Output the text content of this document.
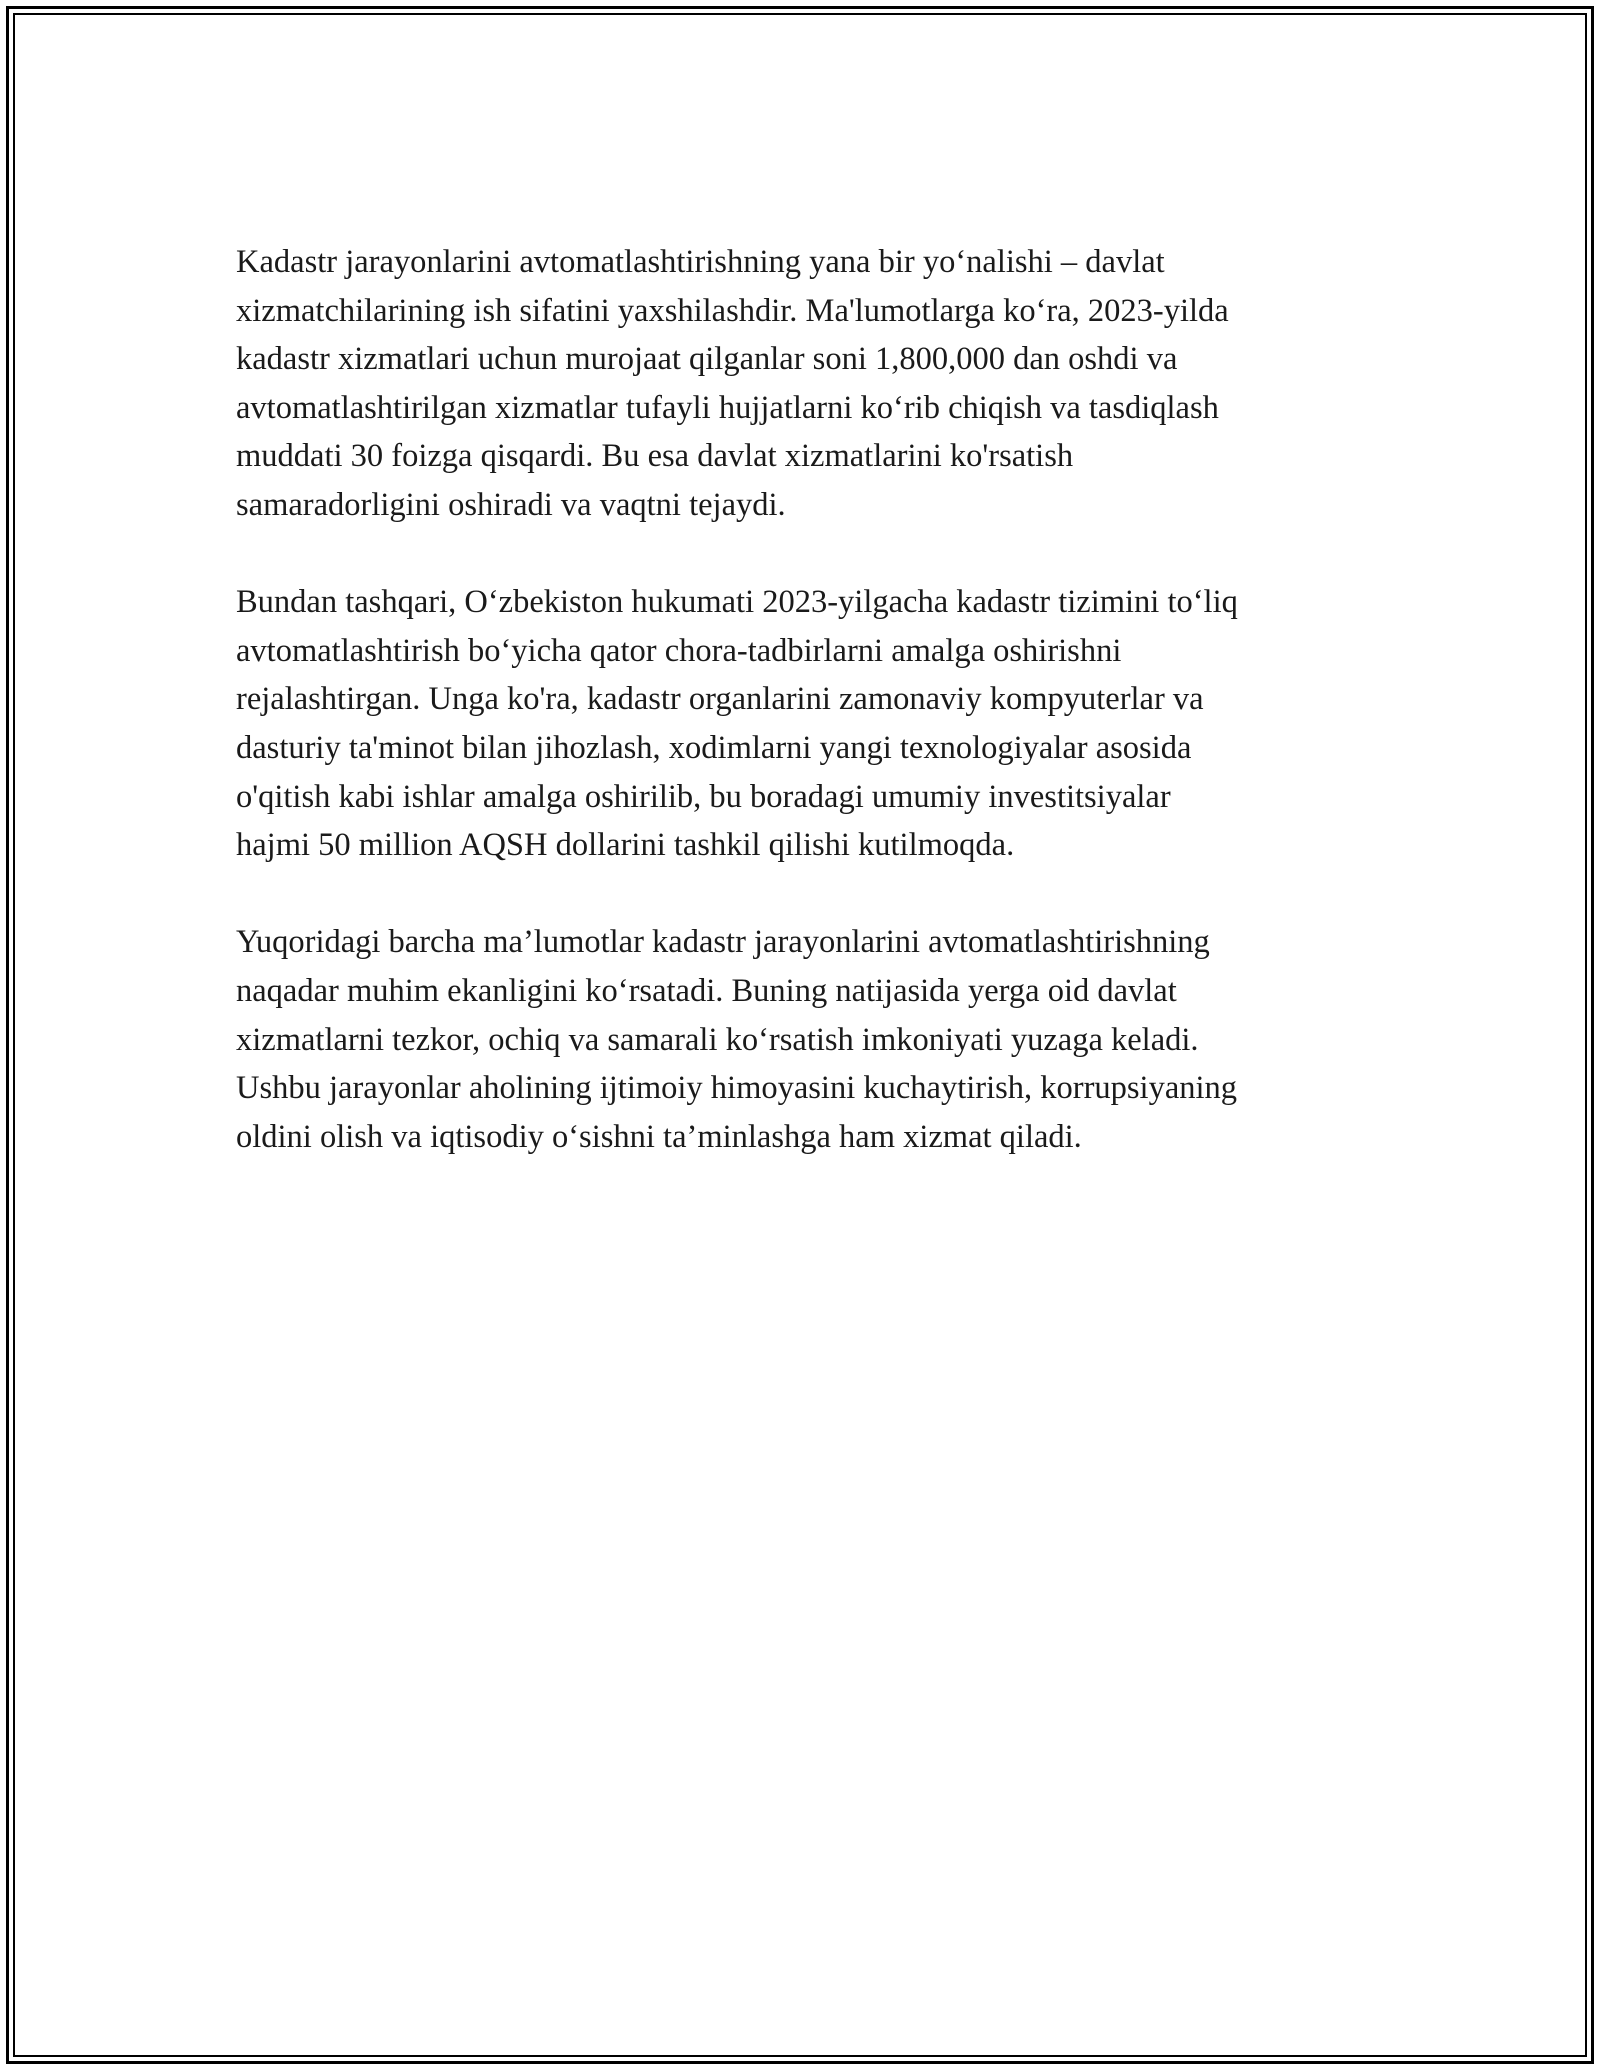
Kadastr jarayonlarini avtomatlashtirishning yana bir yo‘nalishi – davlat
xizmatchilarining ish sifatini yaxshilashdir. Ma'lumotlarga ko‘ra, 2023-yilda
kadastr xizmatlari uchun murojaat qilganlar soni 1,800,000 dan oshdi va
avtomatlashtirilgan xizmatlar tufayli hujjatlarni ko‘rib chiqish va tasdiqlash
muddati 30 foizga qisqardi. Bu esa davlat xizmatlarini ko'rsatish
samaradorligini oshiradi va vaqtni tejaydi.

Bundan tashqari, O‘zbekiston hukumati 2023-yilgacha kadastr tizimini to‘liq
avtomatlashtirish bo‘yicha qator chora-tadbirlarni amalga oshirishni
rejalashtirgan. Unga ko'ra, kadastr organlarini zamonaviy kompyuterlar va
dasturiy ta'minot bilan jihozlash, xodimlarni yangi texnologiyalar asosida
o'qitish kabi ishlar amalga oshirilib, bu boradagi umumiy investitsiyalar
hajmi 50 million AQSH dollarini tashkil qilishi kutilmoqda.

Yuqoridagi barcha ma’lumotlar kadastr jarayonlarini avtomatlashtirishning
naqadar muhim ekanligini ko‘rsatadi. Buning natijasida yerga oid davlat
xizmatlarni tezkor, ochiq va samarali ko‘rsatish imkoniyati yuzaga keladi.
Ushbu jarayonlar aholining ijtimoiy himoyasini kuchaytirish, korrupsiyaning
oldini olish va iqtisodiy o‘sishni ta’minlashga ham xizmat qiladi.
